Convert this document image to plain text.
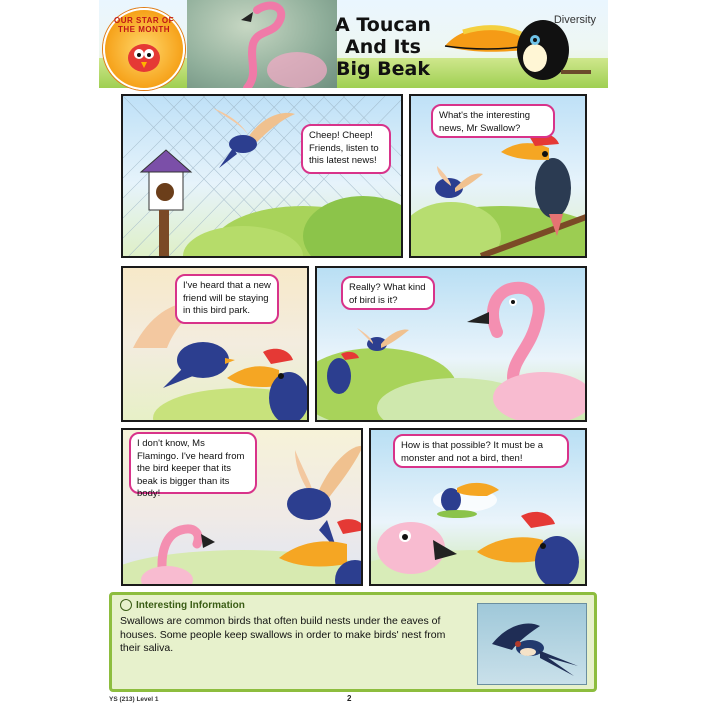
OUR STAR OF THE MONTH	A Toucan
And Its
Big Beak
Diversity
Cheep! Cheep! Friends, listen to this latest news!
What's the interesting news, Mr Swallow?
I've heard that a new friend will be staying in this bird park.
Really? What kind of bird is it?
I don't know, Ms Flamingo. I've heard from the bird keeper that its beak is bigger than its body!
How is that possible? It must be a monster and not a bird, then!
Interesting Information
Swallows are common birds that often build nests under the eaves of houses. Some people keep swallows in order to make birds' nest from their saliva.
YS (213) Level 1	2
